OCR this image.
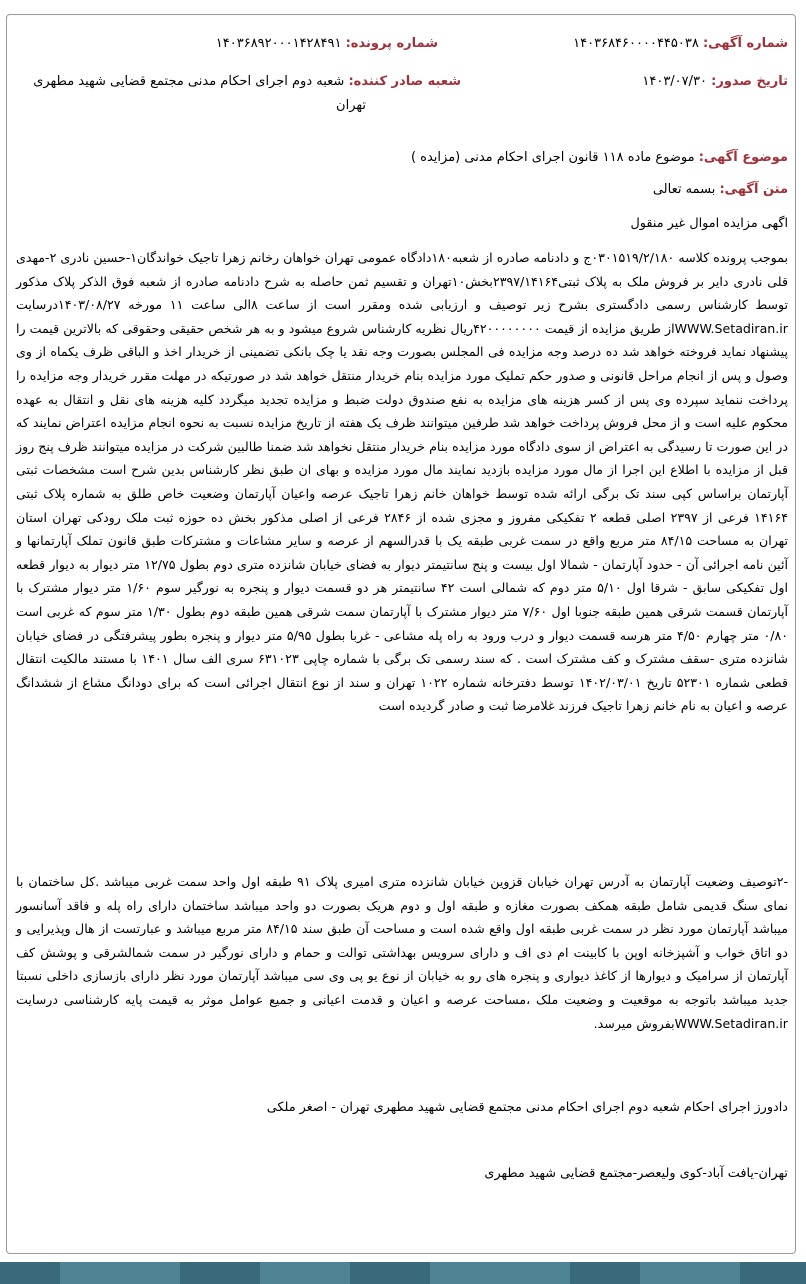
شماره آگهی: ۱۴۰۳۶۸۴۶۰۰۰۰۴۴۵۰۳۸
شماره پرونده: ۱۴۰۳۶۸۹۲۰۰۰۱۴۲۸۴۹۱
تاریخ صدور: ۱۴۰۳/۰۷/۳۰
شعبه صادر کننده: شعبه دوم اجرای احکام مدنی مجتمع قضایی شهید مطهری
تهران
موضوع آگهی: موضوع ماده ۱۱۸ قانون اجرای احکام مدنی (مزایده )
متن آگهی: بسمه تعالی
اگهی مزایده اموال غیر منقول

بموجب پرونده کلاسه ۰۳۰۱۵۱۹/۲/۱۸۰ج و دادنامه صادره از شعبه۱۸۰دادگاه عمومی تهران خواهان رخانم زهرا تاجیک خواندگان۱-حسین نادری ۲-مهدی قلی نادری دایر بر فروش ملک به پلاک ثبتی۲۳۹۷/۱۴۱۶۴بخش۱۰تهران و تقسیم ثمن حاصله به شرح دادنامه صادره از شعبه فوق الذکر پلاک مذکور توسط کارشناس رسمی دادگستری بشرح زیر توصیف و ارزیابی شده ومقرر است از ساعت ۸الی ساعت ۱۱ مورخه ۱۴۰۳/۰۸/۲۷درسایت WWW.Setadiran.irاز طریق مزایده از قیمت ۴۲۰۰۰۰۰۰۰۰ریال نظریه کارشناس شروع میشود و به هر شخص حقیقی وحقوقی که بالاترین قیمت را پیشنهاد نماید فروخته خواهد شد ده درصد وجه مزایده فی المجلس بصورت وجه نقد یا چک بانکی تضمینی از خریدار اخذ و الباقی ظرف یکماه از وی وصول و پس از انجام مراحل قانونی و صدور حکم تملیک مورد مزایده بنام خریدار منتقل خواهد شد در صورتیکه در مهلت مقرر خریدار وجه مزایده را پرداخت ننماید سپرده وی پس از کسر هزینه های مزایده به نفع صندوق دولت ضبط و مزایده تجدید میگردد کلیه هزینه های نقل و انتقال به عهده محکوم علیه است و از محل فروش پرداخت خواهد شد طرفین میتوانند ظرف یک هفته از تاریخ مزایده نسبت به نحوه انجام مزایده اعتراض نمایند که در این صورت تا رسیدگی به اعتراض از سوی دادگاه مورد مزایده بنام خریدار منتقل نخواهد شد ضمنا طالبین شرکت در مزایده میتوانند ظرف پنج روز قبل از مزایده با اطلاع این اجرا از مال مورد مزایده بازدید نمایند مال مورد مزایده و بهای ان طبق نظر کارشناس بدین شرح است مشخصات ثبتی آپارتمان براساس کپی سند تک برگی ارائه شده توسط خواهان خانم زهرا تاجیک عرصه واعیان آپارتمان وضعیت خاص طلق به شماره پلاک ثبتی ۱۴۱۶۴ فرعی از ۲۳۹۷ اصلی قطعه ۲ تفکیکی مفروز و مجزی شده از ۲۸۴۶ فرعی از اصلی مذکور بخش ده حوزه ثبت ملک رودکی تهران استان تهران به مساحت ۸۴/۱۵ متر مربع واقع در سمت غربی طبقه یک با قدرالسهم از عرصه و سایر مشاعات و مشترکات طبق قانون تملک آپارتمانها و آئین نامه اجرائی آن - حدود آپارتمان - شمالا اول بیست و پنج سانتیمتر دیوار به فضای خیابان شانزده متری دوم بطول ۱۲/۷۵ متر دیوار به دیوار قطعه اول تفکیکی سابق - شرقا اول ۵/۱۰ متر دوم که شمالی است ۴۲ سانتیمتر هر دو قسمت دیوار و پنجره به نورگیر سوم ۱/۶۰ متر دیوار مشترک با آپارتمان قسمت شرقی همین طبقه جنوبا اول ۷/۶۰ متر دیوار مشترک با آپارتمان سمت شرقی همین طبقه دوم بطول ۱/۳۰ متر سوم که غربی است ۰/۸۰ متر چهارم ۴/۵۰ متر هرسه قسمت دیوار و درب ورود به راه پله مشاعی - غربا بطول ۵/۹۵ متر دیوار و پنجره بطور پیشرفتگی در فضای خیابان شانزده متری -سقف مشترک و کف مشترک است . که سند رسمی تک برگی با شماره چاپی ۶۳۱۰۲۳ سری الف سال ۱۴۰۱ با مستند مالکیت انتقال قطعی شماره ۵۲۳۰۱ تاریخ ۱۴۰۲/۰۳/۰۱ توسط دفترخانه شماره ۱۰۲۲ تهران و سند از نوع انتقال اجرائی است که برای دودانگ مشاع از ششدانگ عرصه و اعیان به نام خانم زهرا تاجیک فرزند غلامرضا ثبت و صادر گردیده است

-۲توصیف وضعیت آپارتمان به آدرس تهران خیابان قزوین خیابان شانزده متری امیری پلاک ۹۱ طبقه اول واحد سمت غربی میباشد .کل ساختمان با نمای سنگ قدیمی شامل طبقه همکف بصورت مغازه و طبقه اول و دوم هریک بصورت دو واحد میباشد ساختمان دارای راه پله و فاقد آسانسور میباشد آپارتمان مورد نظر در سمت غربی طبقه اول واقع شده است و مساحت آن طبق سند ۸۴/۱۵ متر مربع میباشد و عبارتست از هال وپذیرایی و دو اتاق خواب و آشپزخانه اوپن با کابینت ام دی اف و دارای سرویس بهداشتی توالت و حمام و دارای نورگیر در سمت شمالشرقی و پوشش کف آپارتمان از سرامیک و دیوارها از کاغذ دیواری و پنجره های رو به خیابان از نوع یو پی وی سی میباشد آپارتمان مورد نظر دارای بازسازی داخلی نسبتا جدید میباشد باتوجه به موقعیت و وضعیت ملک ،مساحت عرصه و اعیان و قدمت اعیانی و جمیع عوامل موثر به قیمت پایه کارشناسی درسایت WWW.Setadiran.irبفروش میرسد.

دادورز اجرای احکام شعبه دوم اجرای احکام مدنی مجتمع قضایی شهید مطهری تهران - اصغر ملکی
تهران-یافت آباد-کوی ولیعصر-مجتمع قضایی شهید مطهری
